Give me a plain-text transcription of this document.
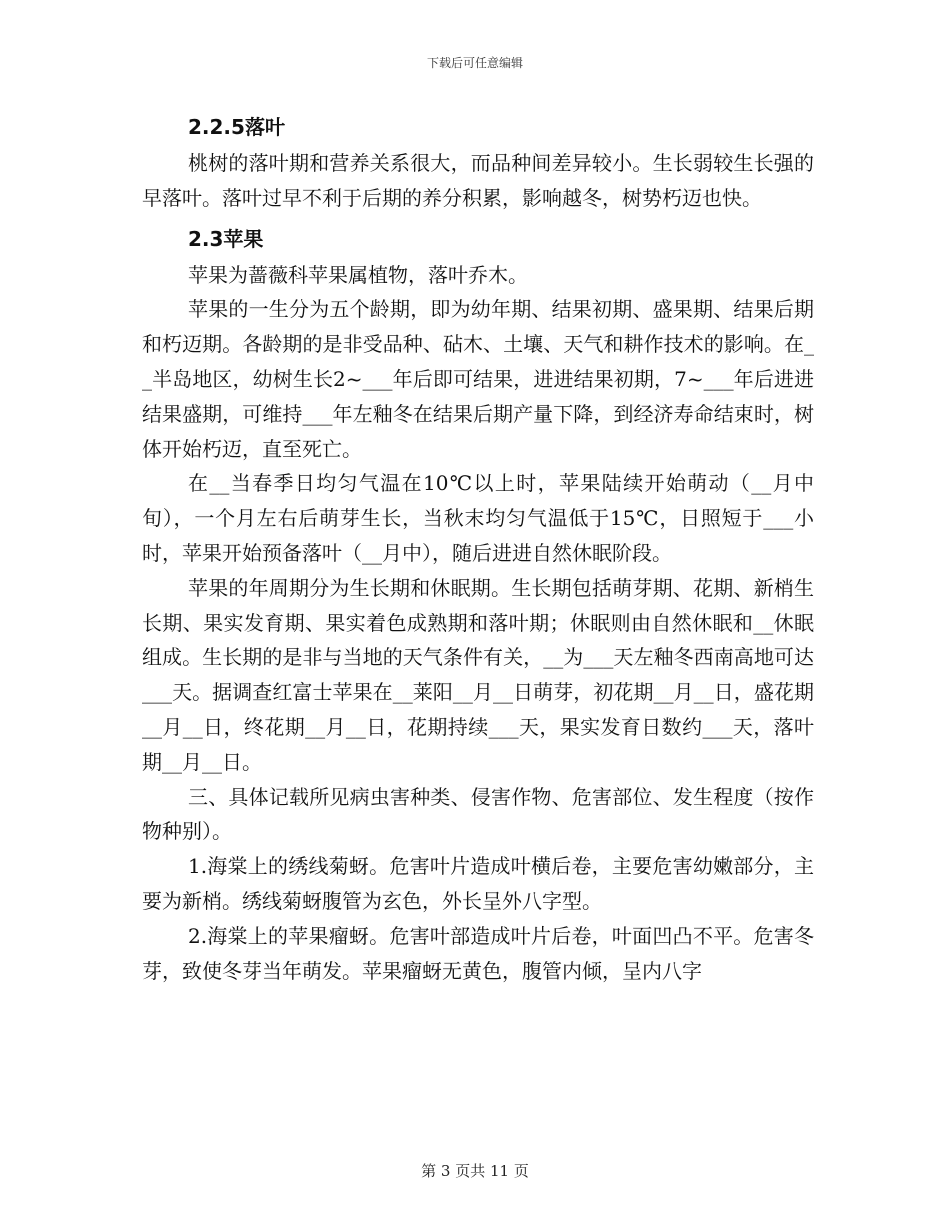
下载后可任意编辑
2.2.5落叶

桃树的落叶期和营养关系很大，而品种间差异较小。生长弱较生长强的早落叶。落叶过早不利于后期的养分积累，影响越冬，树势朽迈也快。

2.3苹果

苹果为蔷薇科苹果属植物，落叶乔木。

苹果的一生分为五个龄期，即为幼年期、结果初期、盛果期、结果后期和朽迈期。各龄期的是非受品种、砧木、土壤、天气和耕作技术的影响。在__半岛地区，幼树生长2~___年后即可结果，进进结果初期，7~___年后进进结果盛期，可维持___年左釉冬在结果后期产量下降，到经济寿命结束时，树体开始朽迈，直至死亡。

在__当春季日均匀气温在10℃以上时，苹果陆续开始萌动（__月中旬），一个月左右后萌芽生长，当秋末均匀气温低于15℃，日照短于___小时，苹果开始预备落叶（__月中），随后进进自然休眠阶段。

苹果的年周期分为生长期和休眠期。生长期包括萌芽期、花期、新梢生长期、果实发育期、果实着色成熟期和落叶期；休眠则由自然休眠和__休眠组成。生长期的是非与当地的天气条件有关，__为___天左釉冬西南高地可达___天。据调查红富士苹果在__莱阳__月__日萌芽，初花期__月__日，盛花期__月__日，终花期__月__日，花期持续___天，果实发育日数约___天，落叶期__月__日。

三、具体记载所见病虫害种类、侵害作物、危害部位、发生程度（按作物种别）。

1.海棠上的绣线菊蚜。危害叶片造成叶横后卷，主要危害幼嫩部分，主要为新梢。绣线菊蚜腹管为玄色，外长呈外八字型。

2.海棠上的苹果瘤蚜。危害叶部造成叶片后卷，叶面凹凸不平。危害冬芽，致使冬芽当年萌发。苹果瘤蚜无黄色，腹管内倾，呈内八字

第 3 页共 11 页
